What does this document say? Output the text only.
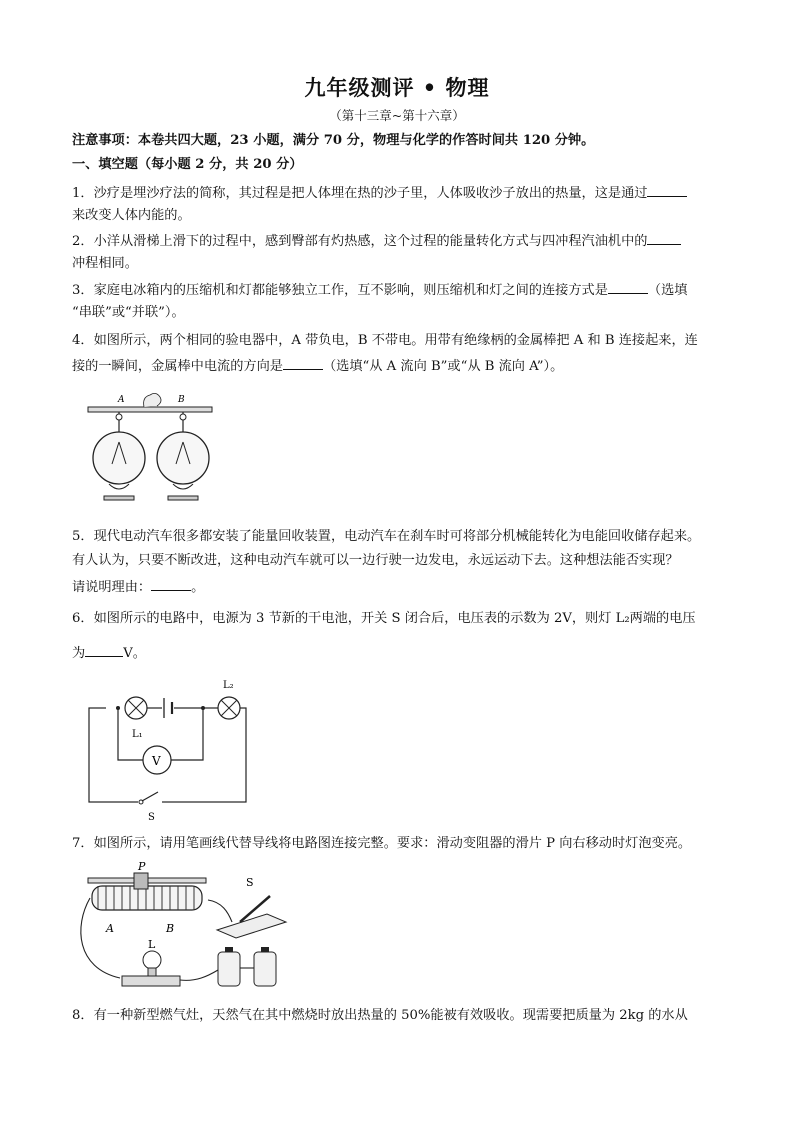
九年级测评 • 物理
（第十三章~第十六章）
注意事项：本卷共四大题，23 小题，满分 70 分，物理与化学的作答时间共 120 分钟。
一、填空题（每小题 2 分，共 20 分）
1．沙疗是埋沙疗法的简称，其过程是把人体埋在热的沙子里，人体吸收沙子放出的热量，这是通过
来改变人体内能的。
2．小洋从滑梯上滑下的过程中，感到臀部有灼热感，这个过程的能量转化方式与四冲程汽油机中的
冲程相同。
3．家庭电冰箱内的压缩机和灯都能够独立工作，互不影响，则压缩机和灯之间的连接方式是	（选填
“串联”或“并联”）。
4．如图所示，两个相同的验电器中，A 带负电，B 不带电。用带有绝缘柄的金属棒把 A 和 B 连接起来，连
接的一瞬间，金属棒中电流的方向是	（选填“从 A 流向 B”或“从 B 流向 A”）。
A	B
5．现代电动汽车很多都安装了能量回收装置，电动汽车在刹车时可将部分机械能转化为电能回收储存起来。
有人认为，只要不断改进，这种电动汽车就可以一边行驶一边发电，永远运动下去。这种想法能否实现？
请说明理由：	。
6．如图所示的电路中，电源为 3 节新的干电池，开关 S 闭合后，电压表的示数为 2V，则灯 L₂两端的电压
为	V。
V
L₁
L₂
S
7．如图所示，请用笔画线代替导线将电路图连接完整。要求：滑动变阻器的滑片 P 向右移动时灯泡变亮。
P
A	B
S
L
8．有一种新型燃气灶，天然气在其中燃烧时放出热量的 50%能被有效吸收。现需要把质量为 2kg 的水从
